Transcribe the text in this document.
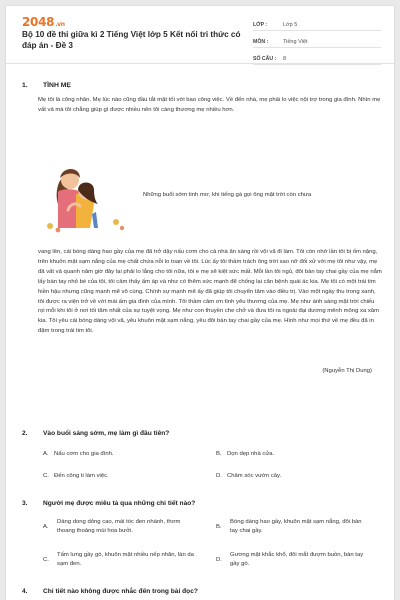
2048.vn
Bộ 10 đề thi giữa kì 2 Tiếng Việt lớp 5 Kết nối tri thức có đáp án - Đề 3
LỚP :	Lớp 5
MÔN :	Tiếng Việt
SỐ CÂU :	8
1.	TÌNH MẸ
Mẹ tôi là công nhân. Mẹ lúc nào cũng đầu tắt mặt tối với bao công việc. Về đến nhà, mẹ phải lo việc nội trợ trong gia đình. Nhìn mẹ vất vả mà tôi chẳng giúp gì được nhiều nên tôi càng thương mẹ nhiều hơn.
Những buổi sớm tinh mơ, khi tiếng gà gọi ông mặt trời còn chưa
vang lên, cái bóng dáng hao gầy của mẹ đã trở dậy nấu cơm cho cả nhà ăn sáng rồi vội vã đi làm. Tôi còn nhớ lần tôi bị ốm nặng, trên khuôn mặt sạm nắng của mẹ chất chứa nỗi lo toan về tôi. Lúc ấy tôi thầm trách ông trời sao nỡ đối xử với mẹ tôi như vậy, mẹ đã vất vả quanh năm giờ đây lại phải lo lắng cho tôi nữa, tôi e mẹ sẽ kiệt sức mất. Mỗi lần tôi ngủ, đôi bàn tay chai gầy của mẹ nắm lấy bàn tay nhỏ bé của tôi, tôi cảm thấy ấm áp và như có thêm sức mạnh để chống lại căn bệnh quái ác kia. Mẹ tôi có một trái tim hiền hậu nhưng cũng mạnh mẽ vô cùng. Chính sự mạnh mẽ ấy đã giúp tôi chuyển tâm vào điều trị. Vào một ngày thu trong xanh, tôi được ra viện trở về với mái ấm gia đình của mình. Tôi thầm cảm ơn tình yêu thương của mẹ. Mẹ như ánh sáng mặt trời chiếu rọi mỗi khi tôi ở nơi tối tăm nhất của sự tuyệt vọng. Mẹ như con thuyền che chở và đưa tôi ra ngoài đại dương mênh mông xa xăm kia. Tôi yêu cái bóng dáng vội vã, yêu khuôn mặt sạm nắng, yêu đôi bàn tay chai gầy của mẹ. Hình như mọi thứ về mẹ đều đã in đậm trong trái tim tôi.
(Nguyễn Thị Dung)
2.	Vào buổi sáng sớm, mẹ làm gì đầu tiên?
A. Nấu cơm cho gia đình.	B. Dọn dẹp nhà cửa.
C. Đến công ti làm việc.	D. Chăm sóc vườn cây.
3.	Người mẹ được miêu tả qua những chi tiết nào?
A.
Dáng dong dỏng cao, mái tóc đen nhánh, thơm thoang thoảng mùi hoa bưởi.
B.
Bóng dáng hao gầy, khuôn mặt sạm nắng, đôi bàn tay chai gầy.
C.
Tấm lưng gầy gò, khuôn mặt nhiều nếp nhăn, làn da sạm đen.
D.
Gương mặt khắc khổ, đôi mắt đượm buồn, bàn tay gầy gò.
4.	Chi tiết nào không được nhắc đến trong bài đọc?
